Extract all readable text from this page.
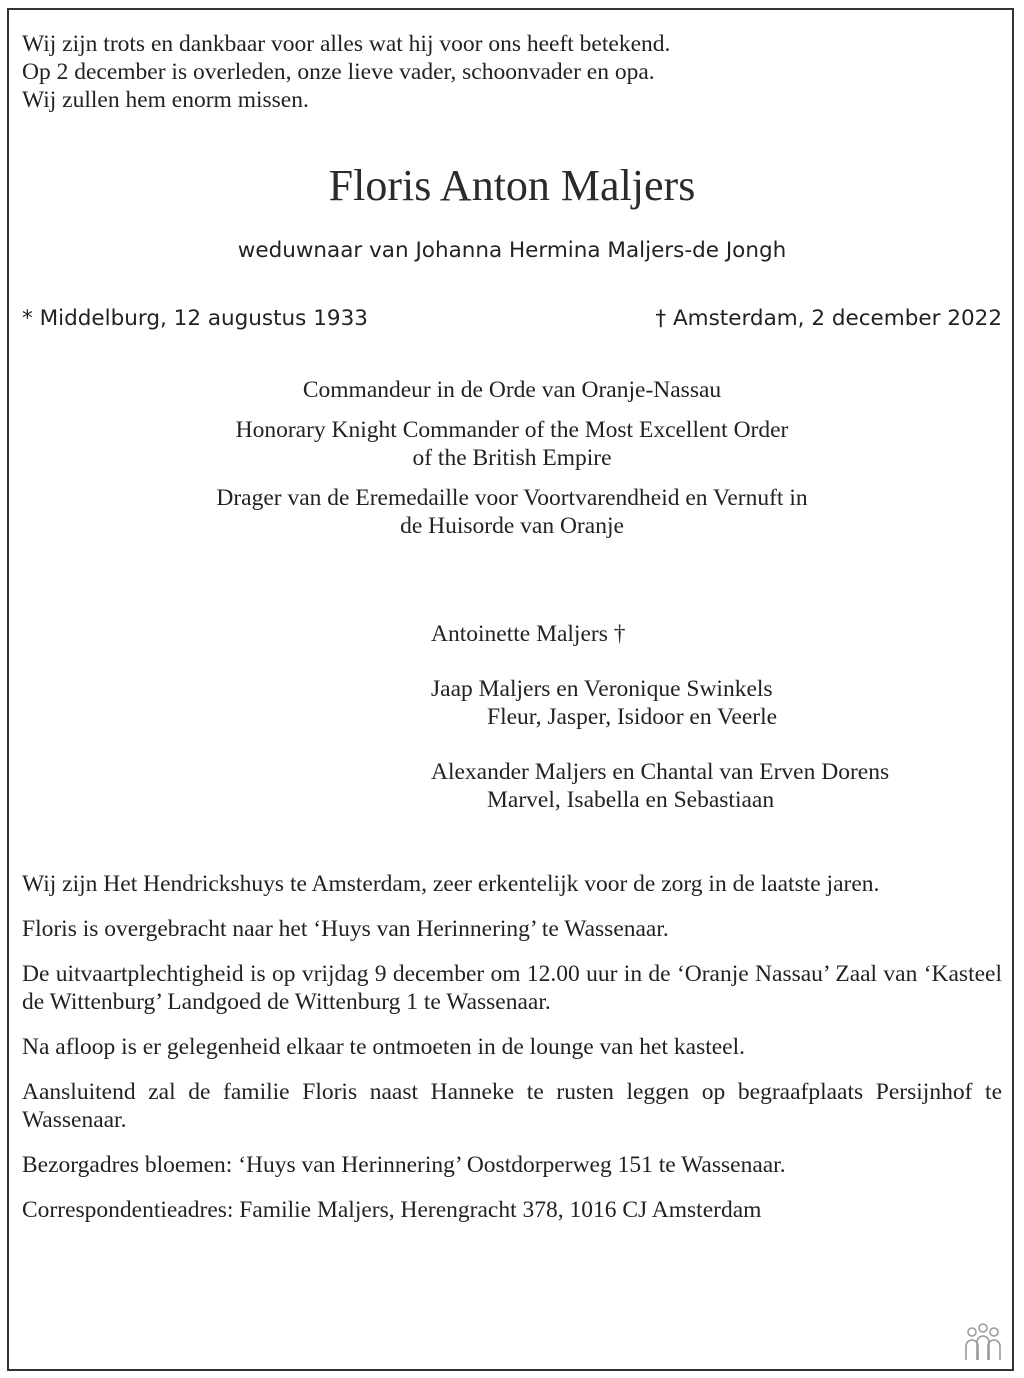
Wij zijn trots en dankbaar voor alles wat hij voor ons heeft betekend.
Op 2 december is overleden, onze lieve vader, schoonvader en opa.
Wij zullen hem enorm missen.
Floris Anton Maljers
weduwnaar van Johanna Hermina Maljers-de Jongh
* Middelburg, 12 augustus 1933	† Amsterdam, 2 december 2022
Commandeur in de Orde van Oranje-Nassau
Honorary Knight Commander of the Most Excellent Order
of the British Empire
Drager van de Eremedaille voor Voortvarendheid en Vernuft in
de Huisorde van Oranje
Antoinette Maljers †
Jaap Maljers en Veronique Swinkels
Fleur, Jasper, Isidoor en Veerle
Alexander Maljers en Chantal van Erven Dorens
Marvel, Isabella en Sebastiaan

Wij zijn Het Hendrickshuys te Amsterdam, zeer erkentelijk voor de zorg in de laatste jaren.

Floris is overgebracht naar het ‘Huys van Herinnering’ te Wassenaar.

De uitvaartplechtigheid is op vrijdag 9 december om 12.00 uur in de ‘Oranje Nassau’ Zaal van ‘Kasteel de Wittenburg’ Landgoed de Wittenburg 1 te Wassenaar.

Na afloop is er gelegenheid elkaar te ontmoeten in de lounge van het kasteel.

Aansluitend zal de familie Floris naast Hanneke te rusten leggen op begraafplaats Persijnhof te Wassenaar.

Bezorgadres bloemen: ‘Huys van Herinnering’ Oostdorperweg 151 te Wassenaar.

Correspondentieadres: Familie Maljers, Herengracht 378, 1016 CJ Amsterdam
